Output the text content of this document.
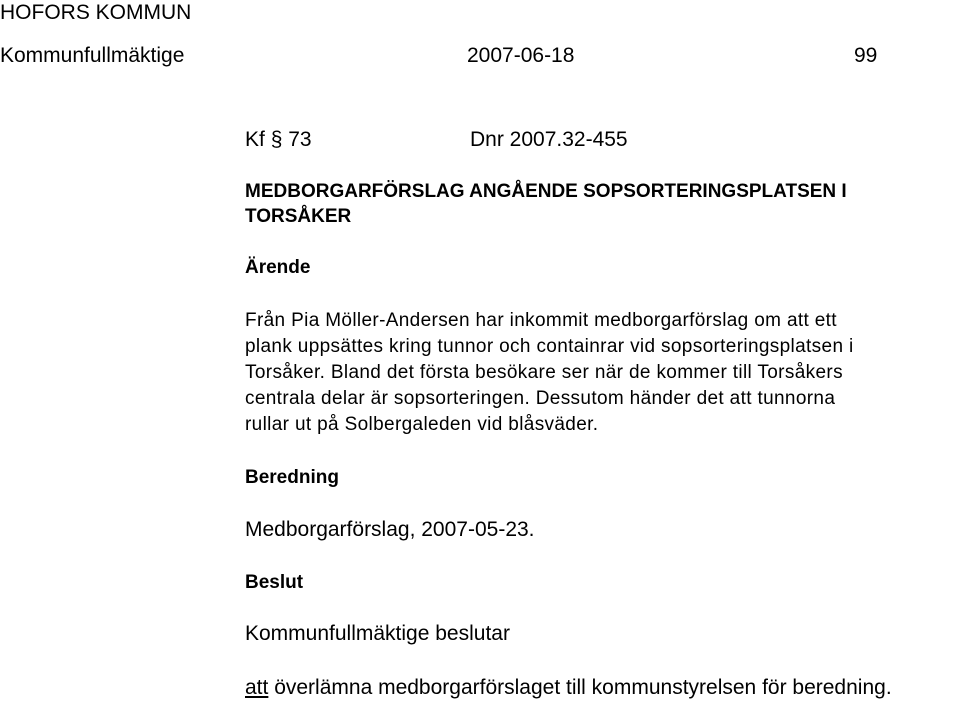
HOFORS KOMMUN
Kommunfullmäktige	2007-06-18	99
Kf § 73	Dnr 2007.32-455
MEDBORGARFÖRSLAG ANGÅENDE SOPSORTERINGSPLATSEN I
TORSÅKER
Ärende
Från Pia Möller-Andersen har inkommit medborgarförslag om att ett
plank uppsättes kring tunnor och containrar vid sopsorteringsplatsen i
Torsåker. Bland det första besökare ser när de kommer till Torsåkers
centrala delar är sopsorteringen. Dessutom händer det att tunnorna
rullar ut på Solbergaleden vid blåsväder.
Beredning
Medborgarförslag, 2007-05-23.
Beslut
Kommunfullmäktige beslutar
att överlämna medborgarförslaget till kommunstyrelsen för beredning.
